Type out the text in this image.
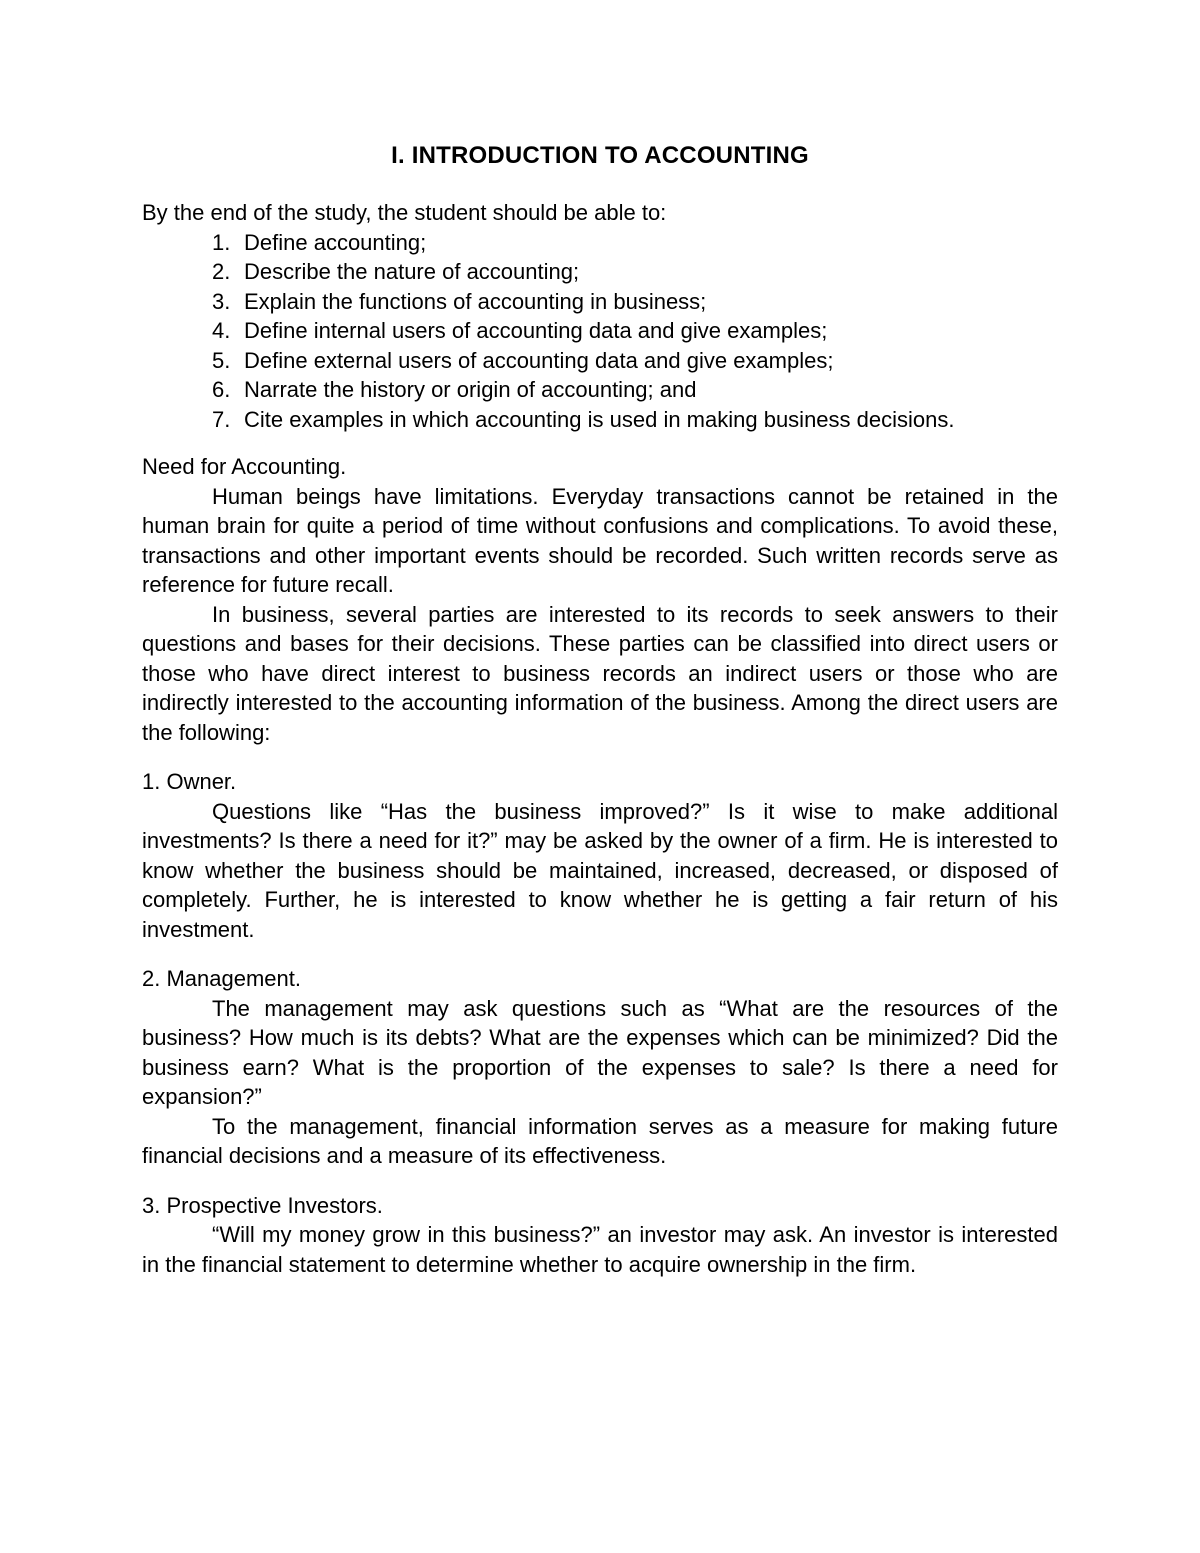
I. INTRODUCTION TO ACCOUNTING

By the end of the study, the student should be able to:

1. Define accounting;
2. Describe the nature of accounting;
3. Explain the functions of accounting in business;
4. Define internal users of accounting data and give examples;
5. Define external users of accounting data and give examples;
6. Narrate the history or origin of accounting; and
7. Cite examples in which accounting is used in making business decisions.

Need for Accounting.

Human beings have limitations. Everyday transactions cannot be retained in the human brain for quite a period of time without confusions and complications. To avoid these, transactions and other important events should be recorded. Such written records serve as reference for future recall.

In business, several parties are interested to its records to seek answers to their questions and bases for their decisions. These parties can be classified into direct users or those who have direct interest to business records an indirect users or those who are indirectly interested to the accounting information of the business. Among the direct users are the following:

1. Owner.

Questions like “Has the business improved?” Is it wise to make additional investments? Is there a need for it?” may be asked by the owner of a firm. He is interested to know whether the business should be maintained, increased, decreased, or disposed of completely. Further, he is interested to know whether he is getting a fair return of his investment.

2. Management.

The management may ask questions such as “What are the resources of the business? How much is its debts? What are the expenses which can be minimized? Did the business earn? What is the proportion of the expenses to sale? Is there a need for expansion?”

To the management, financial information serves as a measure for making future financial decisions and a measure of its effectiveness.

3. Prospective Investors.

“Will my money grow in this business?” an investor may ask. An investor is interested in the financial statement to determine whether to acquire ownership in the firm.
